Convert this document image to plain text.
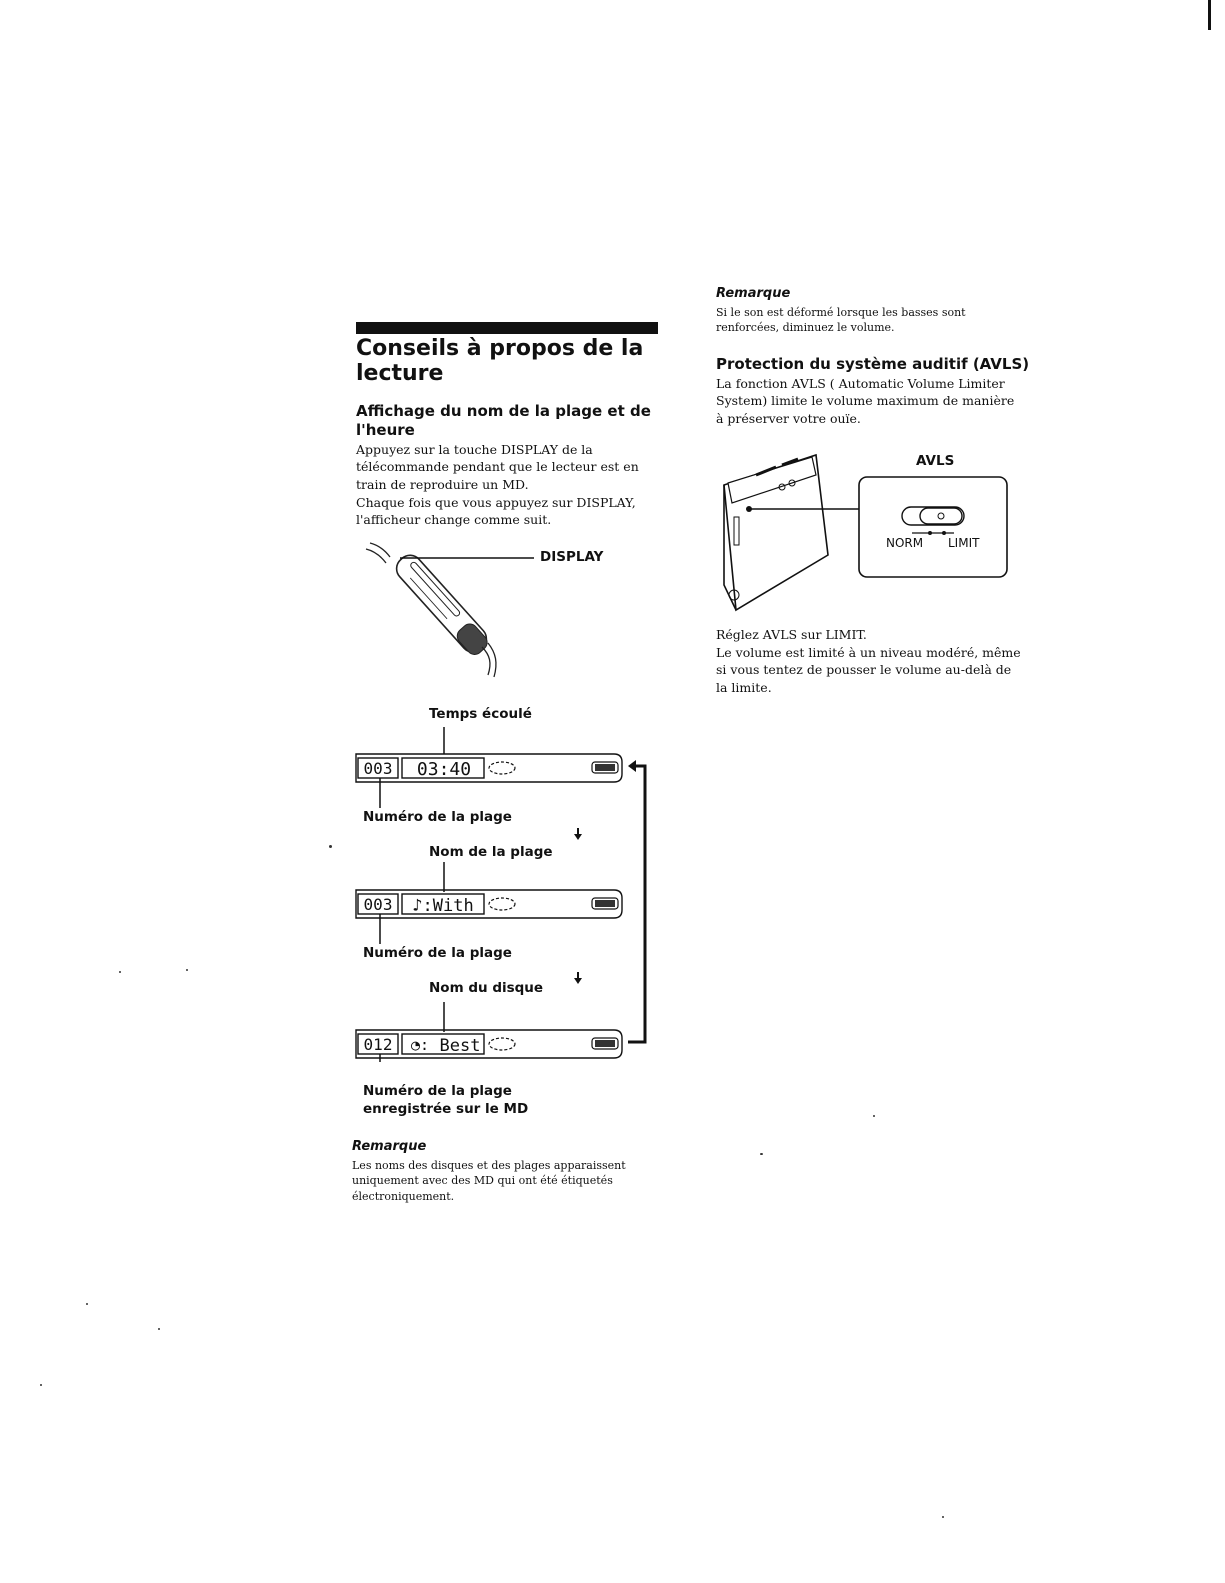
Conseils à propos de la lecture
Affichage du nom de la plage et de l'heure
Appuyez sur la touche DISPLAY de la télécommande pendant que le lecteur est en train de reproduire un MD.
Chaque fois que vous appuyez sur DISPLAY, l'afficheur change comme suit.
DISPLAY
Temps écoulé
003 03:40
003 ♪:With
012 ◔: Best
Numéro de la plage
Nom de la plage
Numéro de la plage
Nom du disque
Numéro de la plage
enregistrée sur le MD
Remarque
Les noms des disques et des plages apparaissent uniquement avec des MD qui ont été étiquetés électroniquement.
Remarque
Si le son est déformé lorsque les basses sont renforcées, diminuez le volume.
Protection du système auditif (AVLS)
La fonction AVLS ( Automatic Volume Limiter System) limite le volume maximum de manière à préserver votre ouïe.
AVLS
NORM LIMIT
Réglez AVLS sur LIMIT.
Le volume est limité à un niveau modéré, même si vous tentez de pousser le volume au-delà de la limite.
